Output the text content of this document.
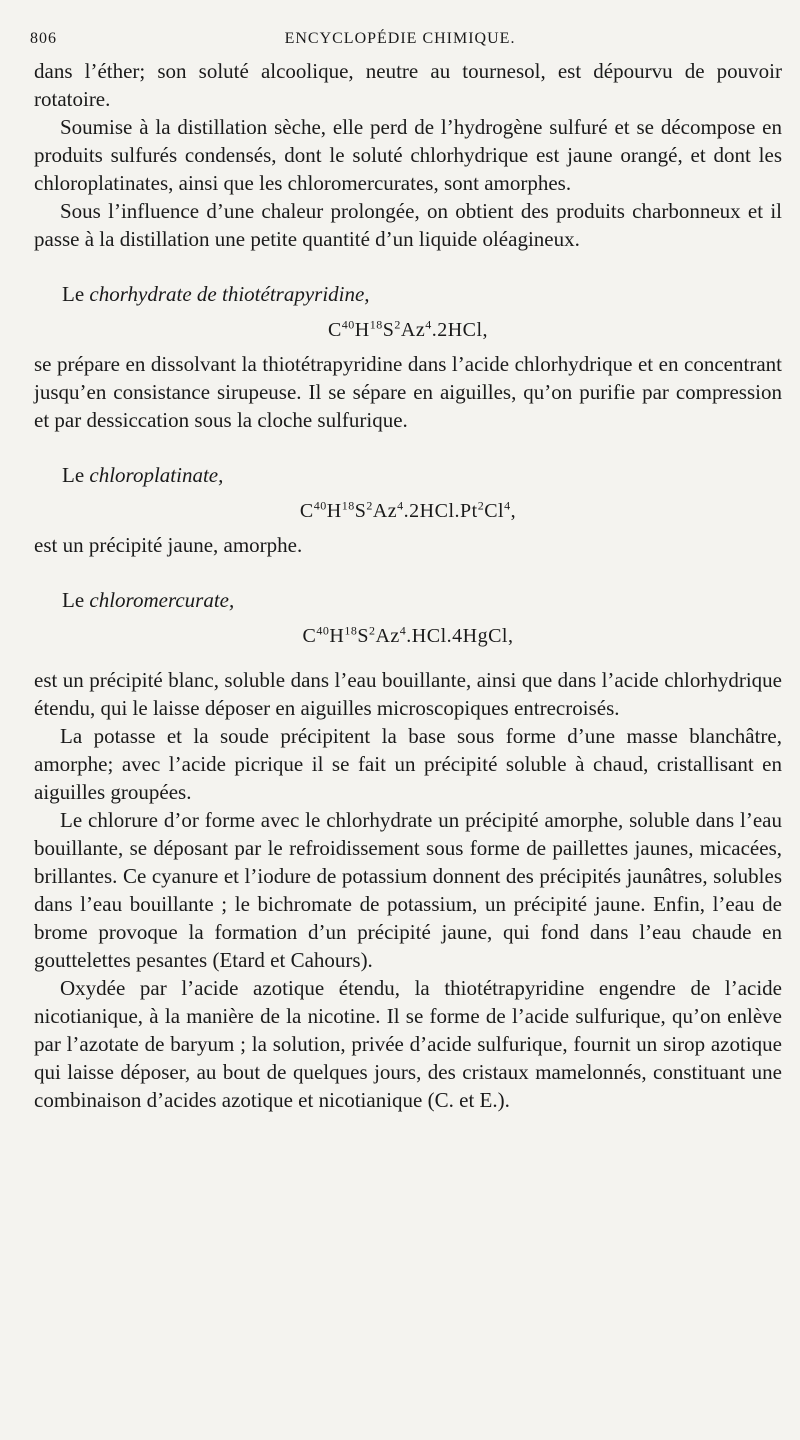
806	ENCYCLOPÉDIE CHIMIQUE.

dans l’éther; son soluté alcoolique, neutre au tournesol, est dépourvu de pouvoir rotatoire.

Soumise à la distillation sèche, elle perd de l’hydrogène sulfuré et se décompose en produits sulfurés condensés, dont le soluté chlorhydrique est jaune orangé, et dont les chloroplatinates, ainsi que les chloromercurates, sont amorphes.

Sous l’influence d’une chaleur prolongée, on obtient des produits charbonneux et il passe à la distillation une petite quantité d’un liquide oléagineux.

Le chorhydrate de thiotétrapyridine,

$C^{40}H^{18}S^2Az^4.2HCl$,

se prépare en dissolvant la thiotétrapyridine dans l’acide chlorhydrique et en concentrant jusqu’en consistance sirupeuse. Il se sépare en aiguilles, qu’on purifie par compression et par dessiccation sous la cloche sulfurique.

Le chloroplatinate,

$C^{40}H^{18}S^2Az^4.2HCl.Pt^2Cl^4$,

est un précipité jaune, amorphe.

Le chloromercurate,

$C^{40}H^{18}S^2Az^4.HCl.4HgCl$,

est un précipité blanc, soluble dans l’eau bouillante, ainsi que dans l’acide chlorhydrique étendu, qui le laisse déposer en aiguilles microscopiques entrecroisés.

La potasse et la soude précipitent la base sous forme d’une masse blanchâtre, amorphe; avec l’acide picrique il se fait un précipité soluble à chaud, cristallisant en aiguilles groupées.

Le chlorure d’or forme avec le chlorhydrate un précipité amorphe, soluble dans l’eau bouillante, se déposant par le refroidissement sous forme de paillettes jaunes, micacées, brillantes. Ce cyanure et l’iodure de potassium donnent des précipités jaunâtres, solubles dans l’eau bouillante ; le bichromate de potassium, un précipité jaune. Enfin, l’eau de brome provoque la formation d’un précipité jaune, qui fond dans l’eau chaude en gouttelettes pesantes (Etard et Cahours).

Oxydée par l’acide azotique étendu, la thiotétrapyridine engendre de l’acide nicotianique, à la manière de la nicotine. Il se forme de l’acide sulfurique, qu’on enlève par l’azotate de baryum ; la solution, privée d’acide sulfurique, fournit un sirop azotique qui laisse déposer, au bout de quelques jours, des cristaux mamelonnés, constituant une combinaison d’acides azotique et nicotianique (C. et E.).
